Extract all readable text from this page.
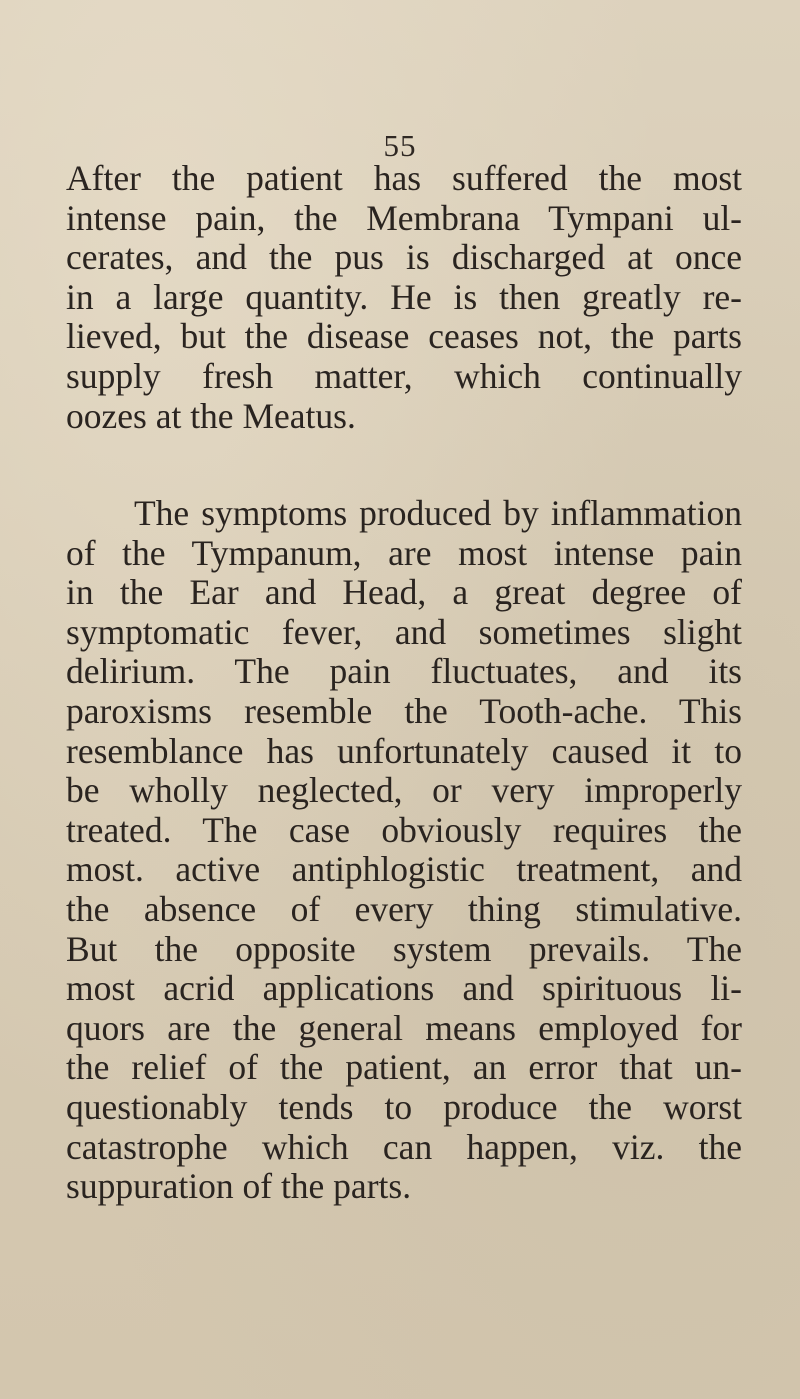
55
After the patient has suffered the most
intense pain, the Membrana Tympani ul-
cerates, and the pus is discharged at once
in a large quantity. He is then greatly re-
lieved, but the disease ceases not, the parts
supply fresh matter, which continually
oozes at the Meatus.
The symptoms produced by inflammation
of the Tympanum, are most intense pain
in the Ear and Head, a great degree of
symptomatic fever, and sometimes slight
delirium. The pain fluctuates, and its
paroxisms resemble the Tooth-ache. This
resemblance has unfortunately caused it to
be wholly neglected, or very improperly
treated. The case obviously requires the
most. active antiphlogistic treatment, and
the absence of every thing stimulative.
But the opposite system prevails. The
most acrid applications and spirituous li-
quors are the general means employed for
the relief of the patient, an error that un-
questionably tends to produce the worst
catastrophe which can happen, viz. the
suppuration of the parts.
